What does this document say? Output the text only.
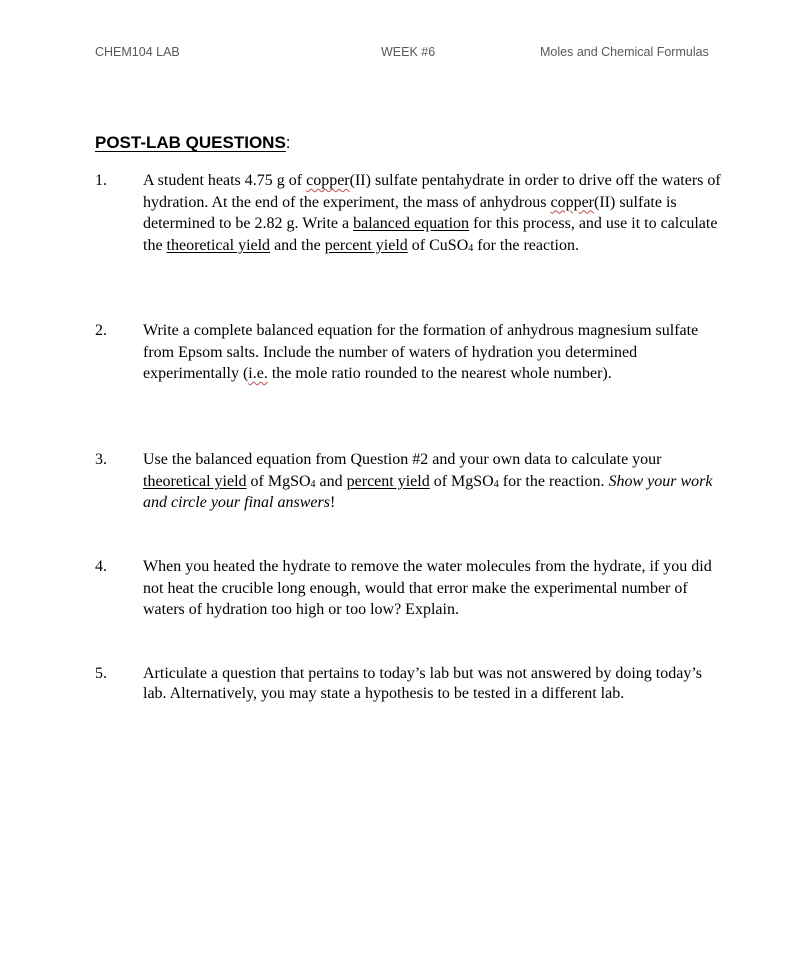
CHEM104 LAB	WEEK #6	Moles and Chemical Formulas
POST-LAB QUESTIONS:
1. A student heats 4.75 g of copper(II) sulfate pentahydrate in order to drive off the waters of hydration. At the end of the experiment, the mass of anhydrous copper(II) sulfate is determined to be 2.82 g. Write a balanced equation for this process, and use it to calculate the theoretical yield and the percent yield of CuSO$_4$ for the reaction.
2. Write a complete balanced equation for the formation of anhydrous magnesium sulfate from Epsom salts. Include the number of waters of hydration you determined experimentally (i.e. the mole ratio rounded to the nearest whole number).
3. Use the balanced equation from Question #2 and your own data to calculate your theoretical yield of MgSO$_4$ and percent yield of MgSO$_4$ for the reaction. Show your work and circle your final answers!
4. When you heated the hydrate to remove the water molecules from the hydrate, if you did not heat the crucible long enough, would that error make the experimental number of waters of hydration too high or too low? Explain.
5. Articulate a question that pertains to today’s lab but was not answered by doing today’s lab. Alternatively, you may state a hypothesis to be tested in a different lab.
